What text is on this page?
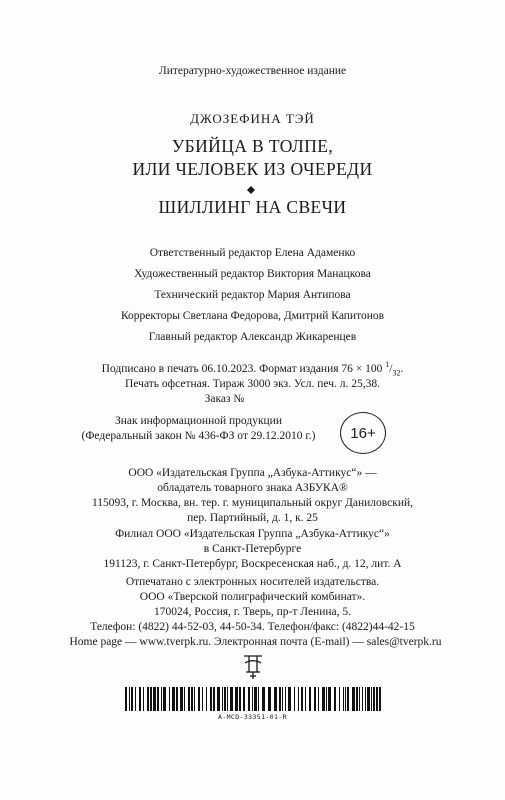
Литературно-художественное издание
ДЖОЗЕФИНА ТЭЙ
УБИЙЦА В ТОЛПЕ,
ИЛИ ЧЕЛОВЕК ИЗ ОЧЕРЕДИ
ШИЛЛИНГ НА СВЕЧИ
Ответственный редактор Елена Адаменко
Художественный редактор Виктория Манацкова
Технический редактор Мария Антипова
Корректоры Светлана Федорова, Дмитрий Капитонов
Главный редактор Александр Жикаренцев
Подписано в печать 06.10.2023. Формат издания 76 × 100 $^1/_{32}$.
Печать офсетная. Тираж 3000 экз. Усл. печ. л. 25,38.
Заказ №
Знак информационной продукции
(Федеральный закон № 436-ФЗ от 29.12.2010 г.)	16+
ООО «Издательская Группа „Азбука-Аттикус“» —
обладатель товарного знака АЗБУКА®
115093, г. Москва, вн. тер. г. муниципальный округ Даниловский,
пер. Партийный, д. 1, к. 25
Филиал ООО «Издательская Группа „Азбука-Аттикус“»
в Санкт-Петербурге
191123, г. Санкт-Петербург, Воскресенская наб., д. 12, лит. А
Отпечатано с электронных носителей издательства.
ООО «Тверской полиграфический комбинат».
170024, Россия, г. Тверь, пр-т Ленина, 5.
Телефон: (4822) 44-52-03, 44-50-34. Телефон/факс: (4822)44-42-15
Home page — www.tverpk.ru. Электронная почта (E-mail) — sales@tverpk.ru
А-MCD-33351-01-R
